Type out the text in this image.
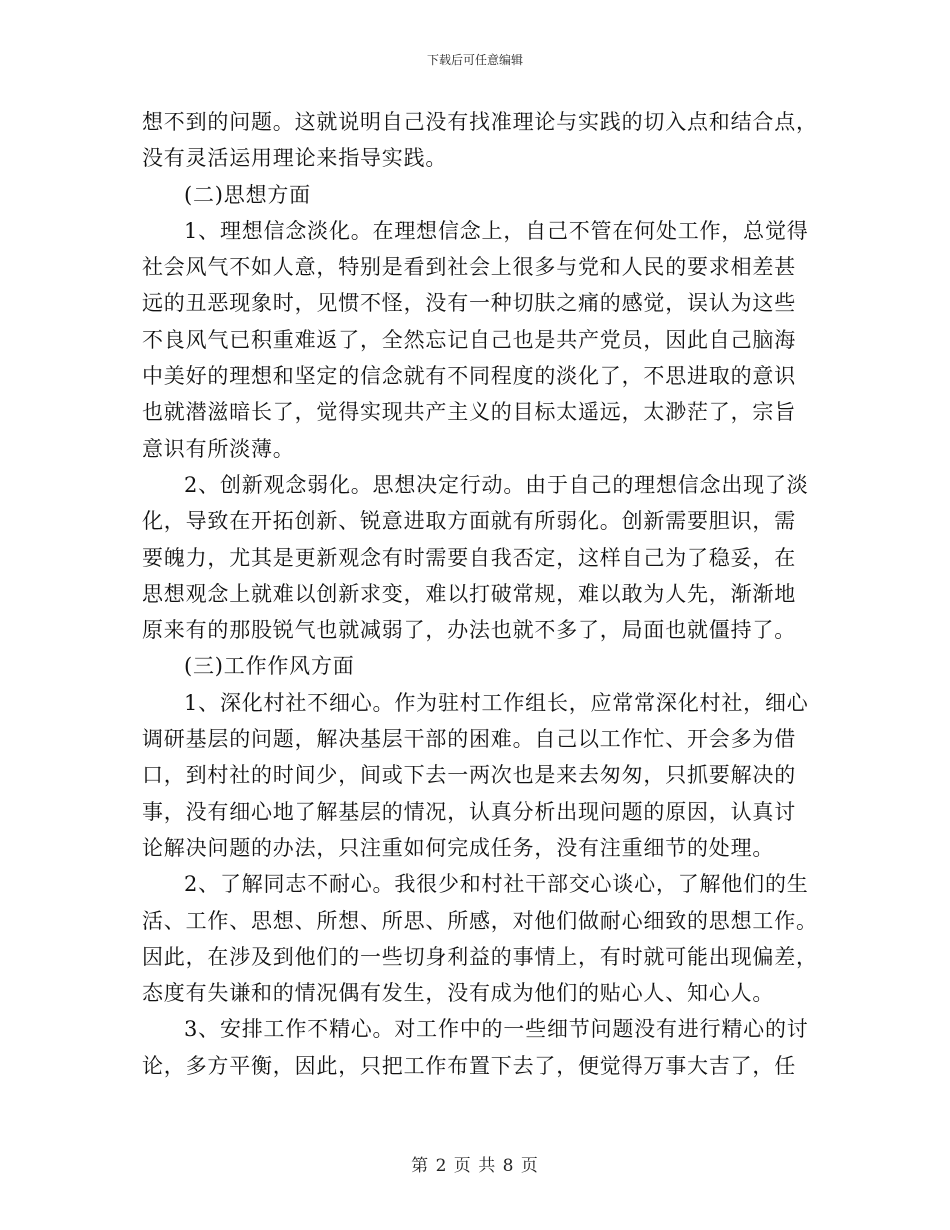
下载后可任意编辑
想不到的问题。这就说明自己没有找准理论与实践的切入点和结合点，
没有灵活运用理论来指导实践。
(二)思想方面
1、理想信念淡化。在理想信念上，自己不管在何处工作，总觉得
社会风气不如人意，特别是看到社会上很多与党和人民的要求相差甚
远的丑恶现象时，见惯不怪，没有一种切肤之痛的感觉，误认为这些
不良风气已积重难返了，全然忘记自己也是共产党员，因此自己脑海
中美好的理想和坚定的信念就有不同程度的淡化了，不思进取的意识
也就潜滋暗长了，觉得实现共产主义的目标太遥远，太渺茫了，宗旨
意识有所淡薄。
2、创新观念弱化。思想决定行动。由于自己的理想信念出现了淡
化，导致在开拓创新、锐意进取方面就有所弱化。创新需要胆识，需
要魄力，尤其是更新观念有时需要自我否定，这样自己为了稳妥，在
思想观念上就难以创新求变，难以打破常规，难以敢为人先，渐渐地
原来有的那股锐气也就减弱了，办法也就不多了，局面也就僵持了。
(三)工作作风方面
1、深化村社不细心。作为驻村工作组长，应常常深化村社，细心
调研基层的问题，解决基层干部的困难。自己以工作忙、开会多为借
口，到村社的时间少，间或下去一两次也是来去匆匆，只抓要解决的
事，没有细心地了解基层的情况，认真分析出现问题的原因，认真讨
论解决问题的办法，只注重如何完成任务，没有注重细节的处理。
2、了解同志不耐心。我很少和村社干部交心谈心，了解他们的生
活、工作、思想、所想、所思、所感，对他们做耐心细致的思想工作。
因此，在涉及到他们的一些切身利益的事情上，有时就可能出现偏差，
态度有失谦和的情况偶有发生，没有成为他们的贴心人、知心人。
3、安排工作不精心。对工作中的一些细节问题没有进行精心的讨
论，多方平衡，因此，只把工作布置下去了，便觉得万事大吉了，任
第 2 页 共 8 页
